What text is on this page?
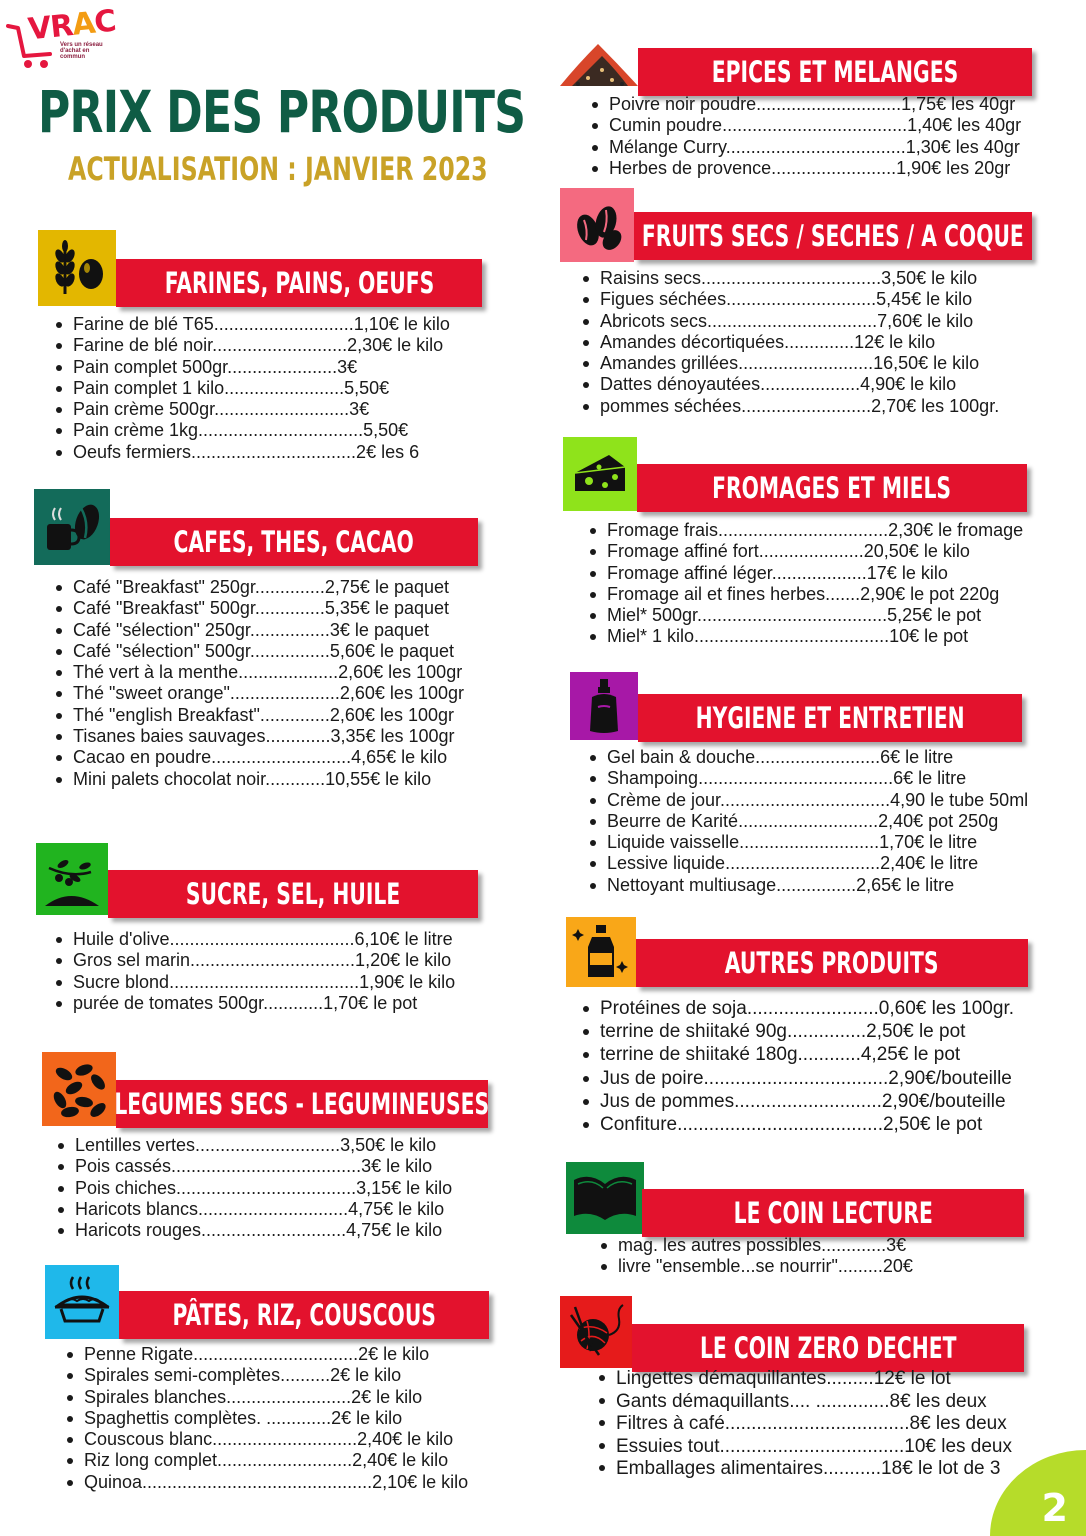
VRAC
Vers un réseau d'achat en commun
PRIX DES PRODUITS
ACTUALISATION : JANVIER 2023
FARINES, PAINS, OEUFS
Farine de blé T65............................1,10€ le kilo
Farine de blé noir...........................2,30€ le kilo
Pain complet 500gr......................3€
Pain complet 1 kilo........................5,50€
Pain crème 500gr...........................3€
Pain crème 1kg.................................5,50€
Oeufs fermiers.................................2€ les 6
CAFES, THES, CACAO
Café "Breakfast" 250gr..............2,75€ le paquet
Café "Breakfast" 500gr..............5,35€ le paquet
Café "sélection" 250gr................3€ le paquet
Café "sélection" 500gr................5,60€ le paquet
Thé vert à la menthe....................2,60€ les 100gr
Thé "sweet orange"......................2,60€ les 100gr
Thé "english Breakfast"..............2,60€ les 100gr
Tisanes baies sauvages.............3,35€ les 100gr
Cacao en poudre............................4,65€ le kilo
Mini palets chocolat noir............10,55€ le kilo
SUCRE, SEL, HUILE
Huile d'olive.....................................6,10€ le litre
Gros sel marin.................................1,20€ le kilo
Sucre blond......................................1,90€ le kilo
purée de tomates 500gr............1,70€ le pot
LEGUMES SECS - LEGUMINEUSES
Lentilles vertes.............................3,50€ le kilo
Pois cassés......................................3€ le kilo
Pois chiches....................................3,15€ le kilo
Haricots blancs..............................4,75€ le kilo
Haricots rouges.............................4,75€ le kilo
PÂTES, RIZ, COUSCOUS
Penne Rigate.................................2€ le kilo
Spirales semi-complètes..........2€ le kilo
Spirales blanches.........................2€ le kilo
Spaghettis complètes. .............2€ le kilo
Couscous blanc.............................2,40€ le kilo
Riz long complet...........................2,40€ le kilo
Quinoa..............................................2,10€ le kilo
EPICES ET MELANGES
Poivre noir poudre.............................1,75€ les 40gr
Cumin poudre.....................................1,40€ les 40gr
Mélange Curry....................................1,30€ les 40gr
Herbes de provence.........................1,90€ les 20gr
FRUITS SECS / SECHES / A COQUE
Raisins secs....................................3,50€ le kilo
Figues séchées..............................5,45€ le kilo
Abricots secs..................................7,60€ le kilo
Amandes décortiquées..............12€ le kilo
Amandes grillées...........................16,50€ le kilo
Dattes dénoyautées....................4,90€ le kilo
pommes séchées..........................2,70€ les 100gr.
FROMAGES ET MIELS
Fromage frais..................................2,30€ le fromage
Fromage affiné fort.....................20,50€ le kilo
Fromage affiné léger...................17€ le kilo
Fromage ail et fines herbes.......2,90€ le pot 220g
Miel* 500gr......................................5,25€ le pot
Miel* 1 kilo.......................................10€ le pot
HYGIENE ET ENTRETIEN
Gel bain & douche.........................6€ le litre
Shampoing.......................................6€ le litre
Crème de jour..................................4,90 le tube 50ml
Beurre de Karité............................2,40€ pot 250g
Liquide vaisselle............................1,70€ le litre
Lessive liquide...............................2,40€ le litre
Nettoyant multiusage................2,65€ le litre
AUTRES PRODUITS
Protéines de soja.........................0,60€ les 100gr.
terrine de shiitaké 90g...............2,50€ le pot
terrine de shiitaké 180g............4,25€ le pot
Jus de poire...................................2,90€/bouteille
Jus de pommes............................2,90€/bouteille
Confiture.......................................2,50€ le pot
LE COIN LECTURE
mag. les autres possibles.............3€
livre "ensemble...se nourrir".........20€
LE COIN ZERO DECHET
Lingettes démaquillantes.........12€ le lot
Gants démaquillants.... ..............8€ les deux
Filtres à café...................................8€ les deux
Essuies tout...................................10€ les deux
Emballages alimentaires...........18€ le lot de 3
2
